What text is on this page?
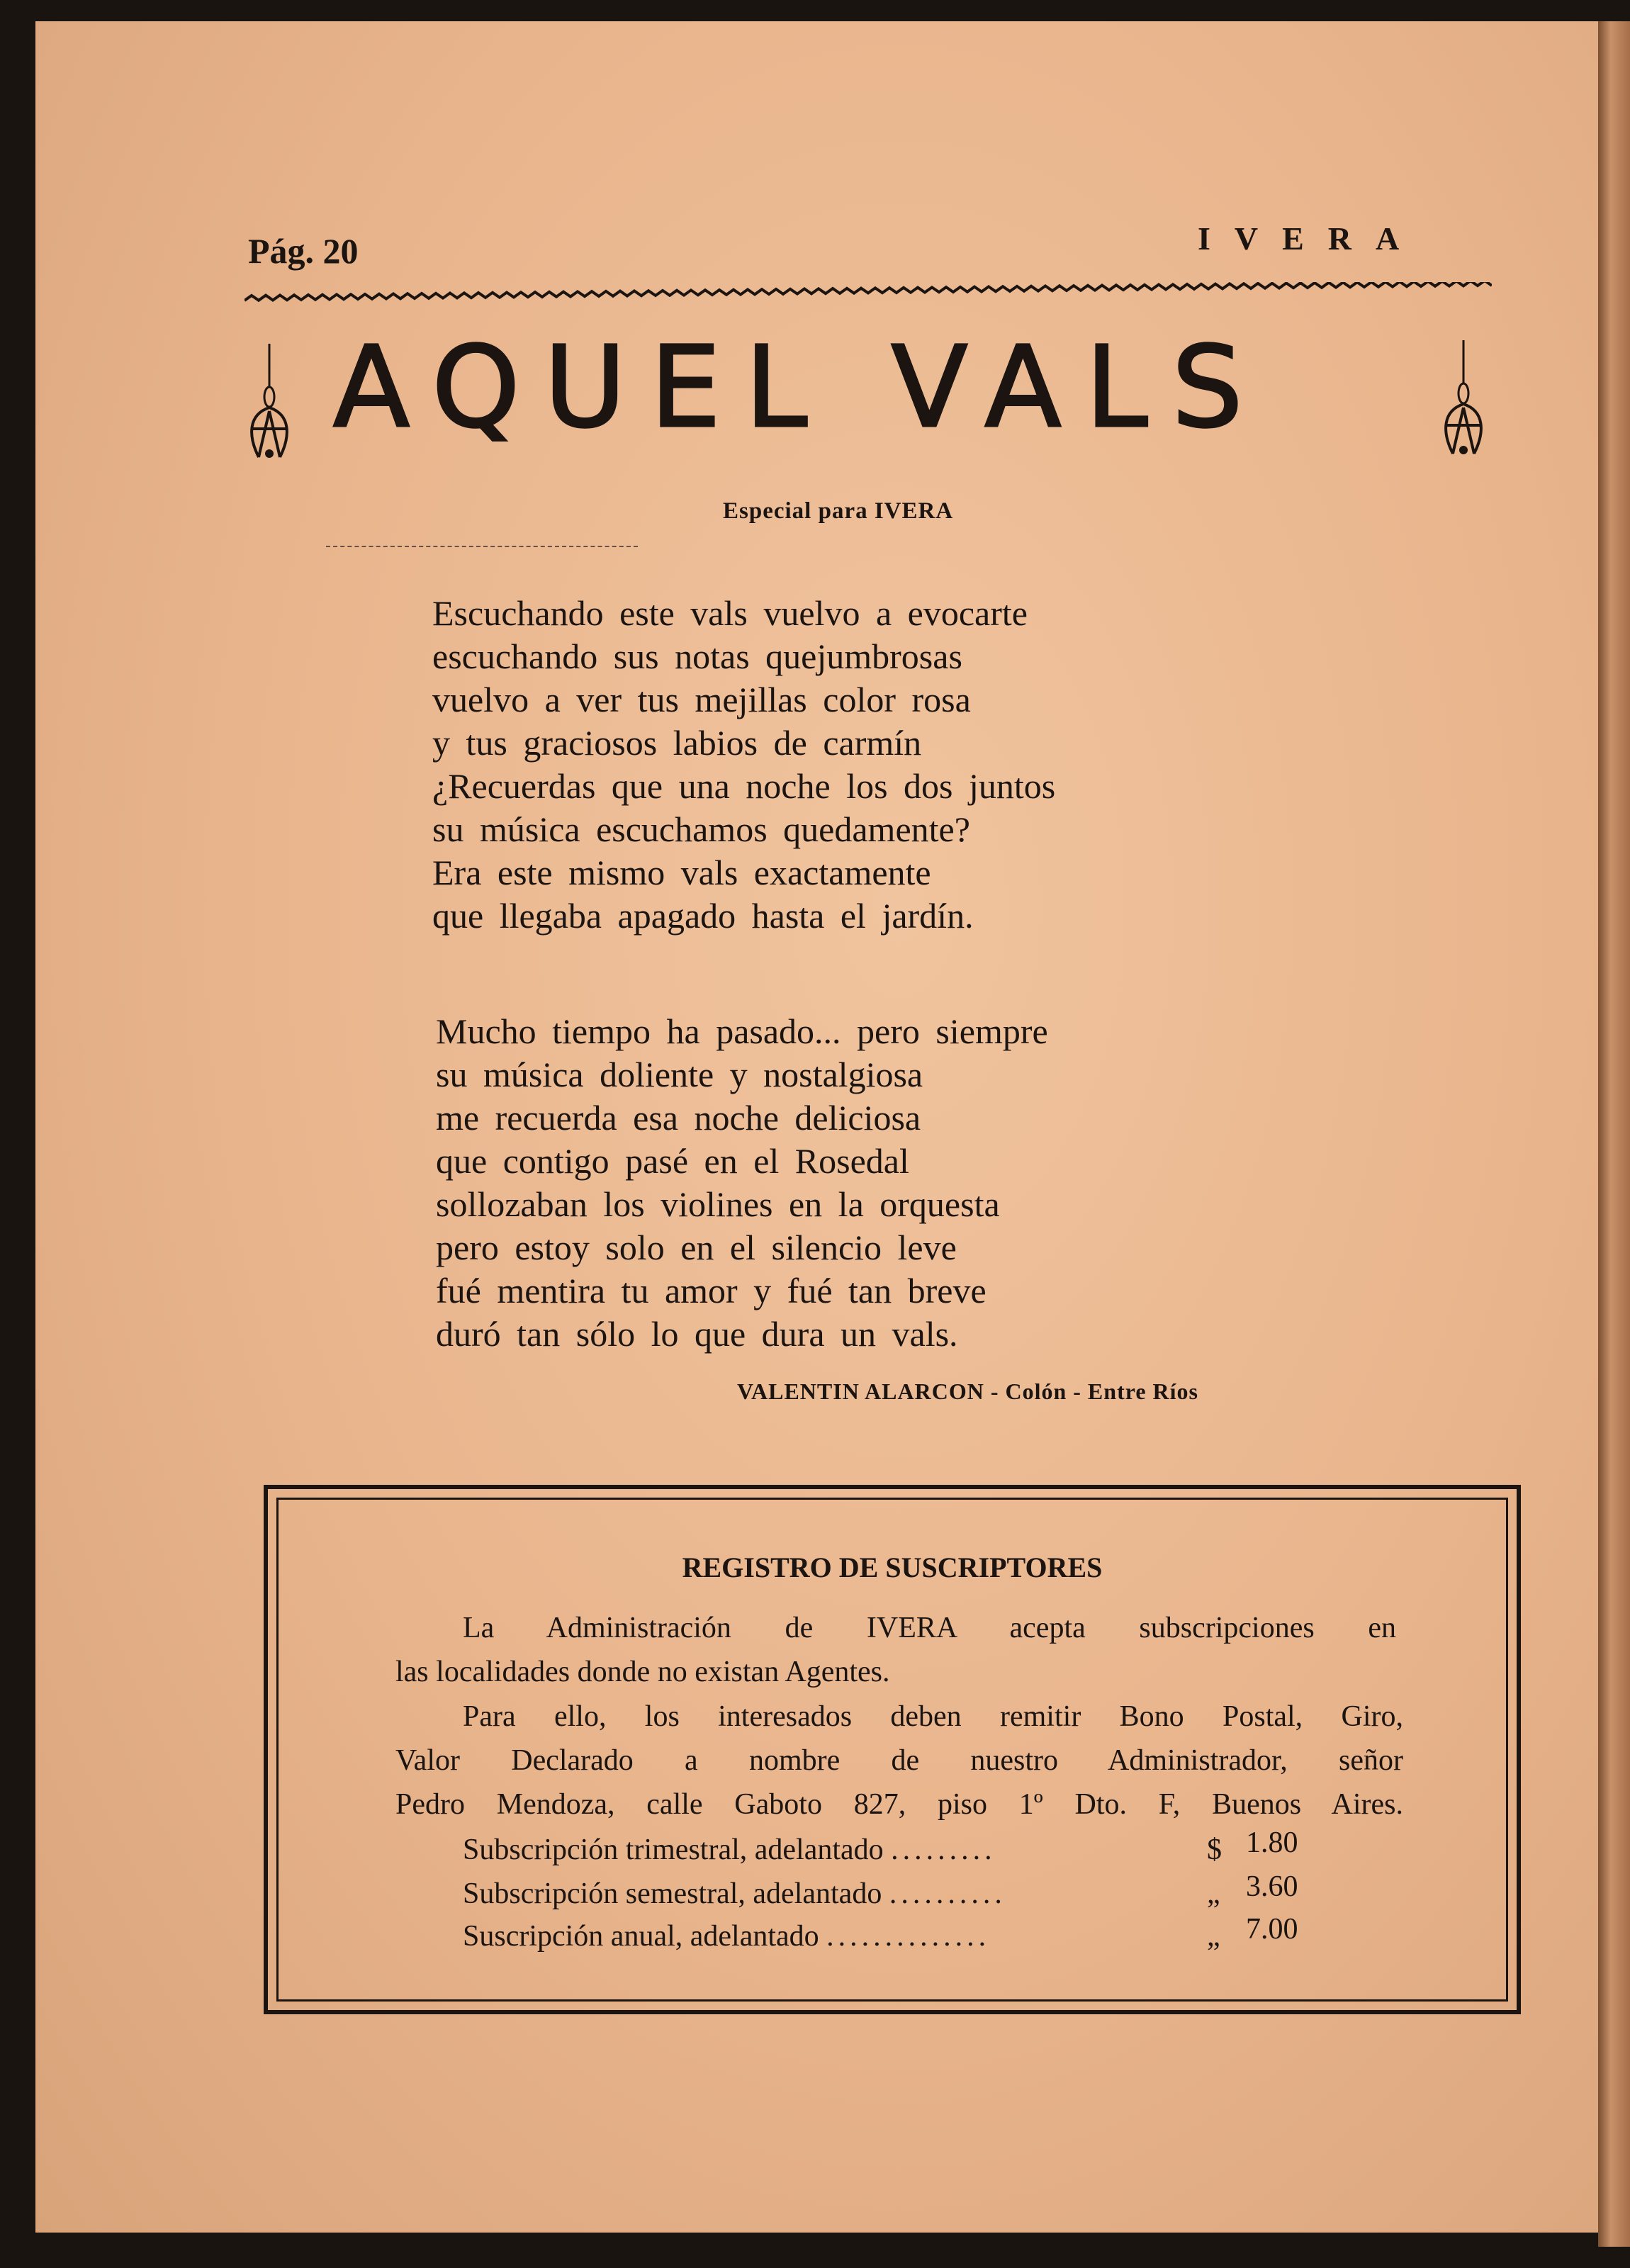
Pág. 20	IVERA
AQUEL VALS
Especial para IVERA
Escuchando este vals vuelvo a evocarte
escuchando sus notas quejumbrosas
vuelvo a ver tus mejillas color rosa
y tus graciosos labios de carmín
¿Recuerdas que una noche los dos juntos
su música escuchamos quedamente?
Era este mismo vals exactamente
que llegaba apagado hasta el jardín.
Mucho tiempo ha pasado... pero siempre
su música doliente y nostalgiosa
me recuerda esa noche deliciosa
que contigo pasé en el Rosedal
sollozaban los violines en la orquesta
pero estoy solo en el silencio leve
fué mentira tu amor y fué tan breve
duró tan sólo lo que dura un vals.
VALENTIN ALARCON - Colón - Entre Ríos
REGISTRO DE SUSCRIPTORES
La Administración de IVERA acepta subscripciones en
las localidades donde no existan Agentes.
Para ello, los interesados deben remitir Bono Postal, Giro,
Valor Declarado a nombre de nuestro Administrador, señor
Pedro Mendoza, calle Gaboto 827, piso 1º Dto. F, Buenos Aires.
Subscripción trimestral, adelantado .........	$ 1.80
Subscripción semestral, adelantado ..........	„ 3.60
Suscripción anual, adelantado ..............	„ 7.00
